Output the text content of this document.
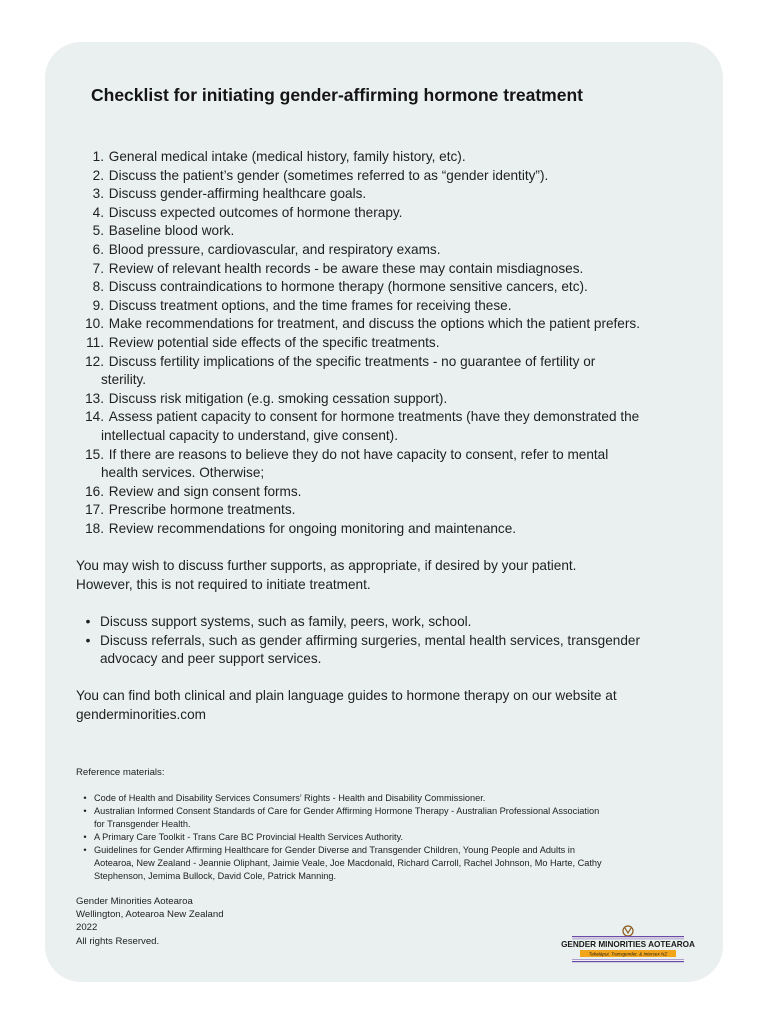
Checklist for initiating gender-affirming hormone treatment
1. General medical intake (medical history, family history, etc).
2. Discuss the patient’s gender (sometimes referred to as “gender identity”).
3. Discuss gender-affirming healthcare goals.
4. Discuss expected outcomes of hormone therapy.
5. Baseline blood work.
6. Blood pressure, cardiovascular, and respiratory exams.
7. Review of relevant health records - be aware these may contain misdiagnoses.
8. Discuss contraindications to hormone therapy (hormone sensitive cancers, etc).
9. Discuss treatment options, and the time frames for receiving these.
10. Make recommendations for treatment, and discuss the options which the patient prefers.
11. Review potential side effects of the specific treatments.
12. Discuss fertility implications of the specific treatments - no guarantee of fertility or
sterility.
13. Discuss risk mitigation (e.g. smoking cessation support).
14. Assess patient capacity to consent for hormone treatments (have they demonstrated the
intellectual capacity to understand, give consent).
15. If there are reasons to believe they do not have capacity to consent, refer to mental
health services. Otherwise;
16. Review and sign consent forms.
17. Prescribe hormone treatments.
18. Review recommendations for ongoing monitoring and maintenance.

You may wish to discuss further supports, as appropriate, if desired by your patient.
However, this is not required to initiate treatment.

• Discuss support systems, such as family, peers, work, school.
• Discuss referrals, such as gender affirming surgeries, mental health services, transgender
advocacy and peer support services.

You can find both clinical and plain language guides to hormone therapy on our website at
genderminorities.com

Reference materials:

• Code of Health and Disability Services Consumers’ Rights - Health and Disability Commissioner.
• Australian Informed Consent Standards of Care for Gender Affirming Hormone Therapy - Australian Professional Association
for Transgender Health.
• A Primary Care Toolkit - Trans Care BC Provincial Health Services Authority.
• Guidelines for Gender Affirming Healthcare for Gender Diverse and Transgender Children, Young People and Adults in
Aotearoa, New Zealand - Jeannie Oliphant, Jaimie Veale, Joe Macdonald, Richard Carroll, Rachel Johnson, Mo Harte, Cathy
Stephenson, Jemima Bullock, David Cole, Patrick Manning.
Gender Minorities Aotearoa
Wellington, Aotearoa New Zealand
2022
All rights Reserved.	GENDER MINORITIES AOTEAROA
Takatāpui, Transgender, & Intersex NZ
